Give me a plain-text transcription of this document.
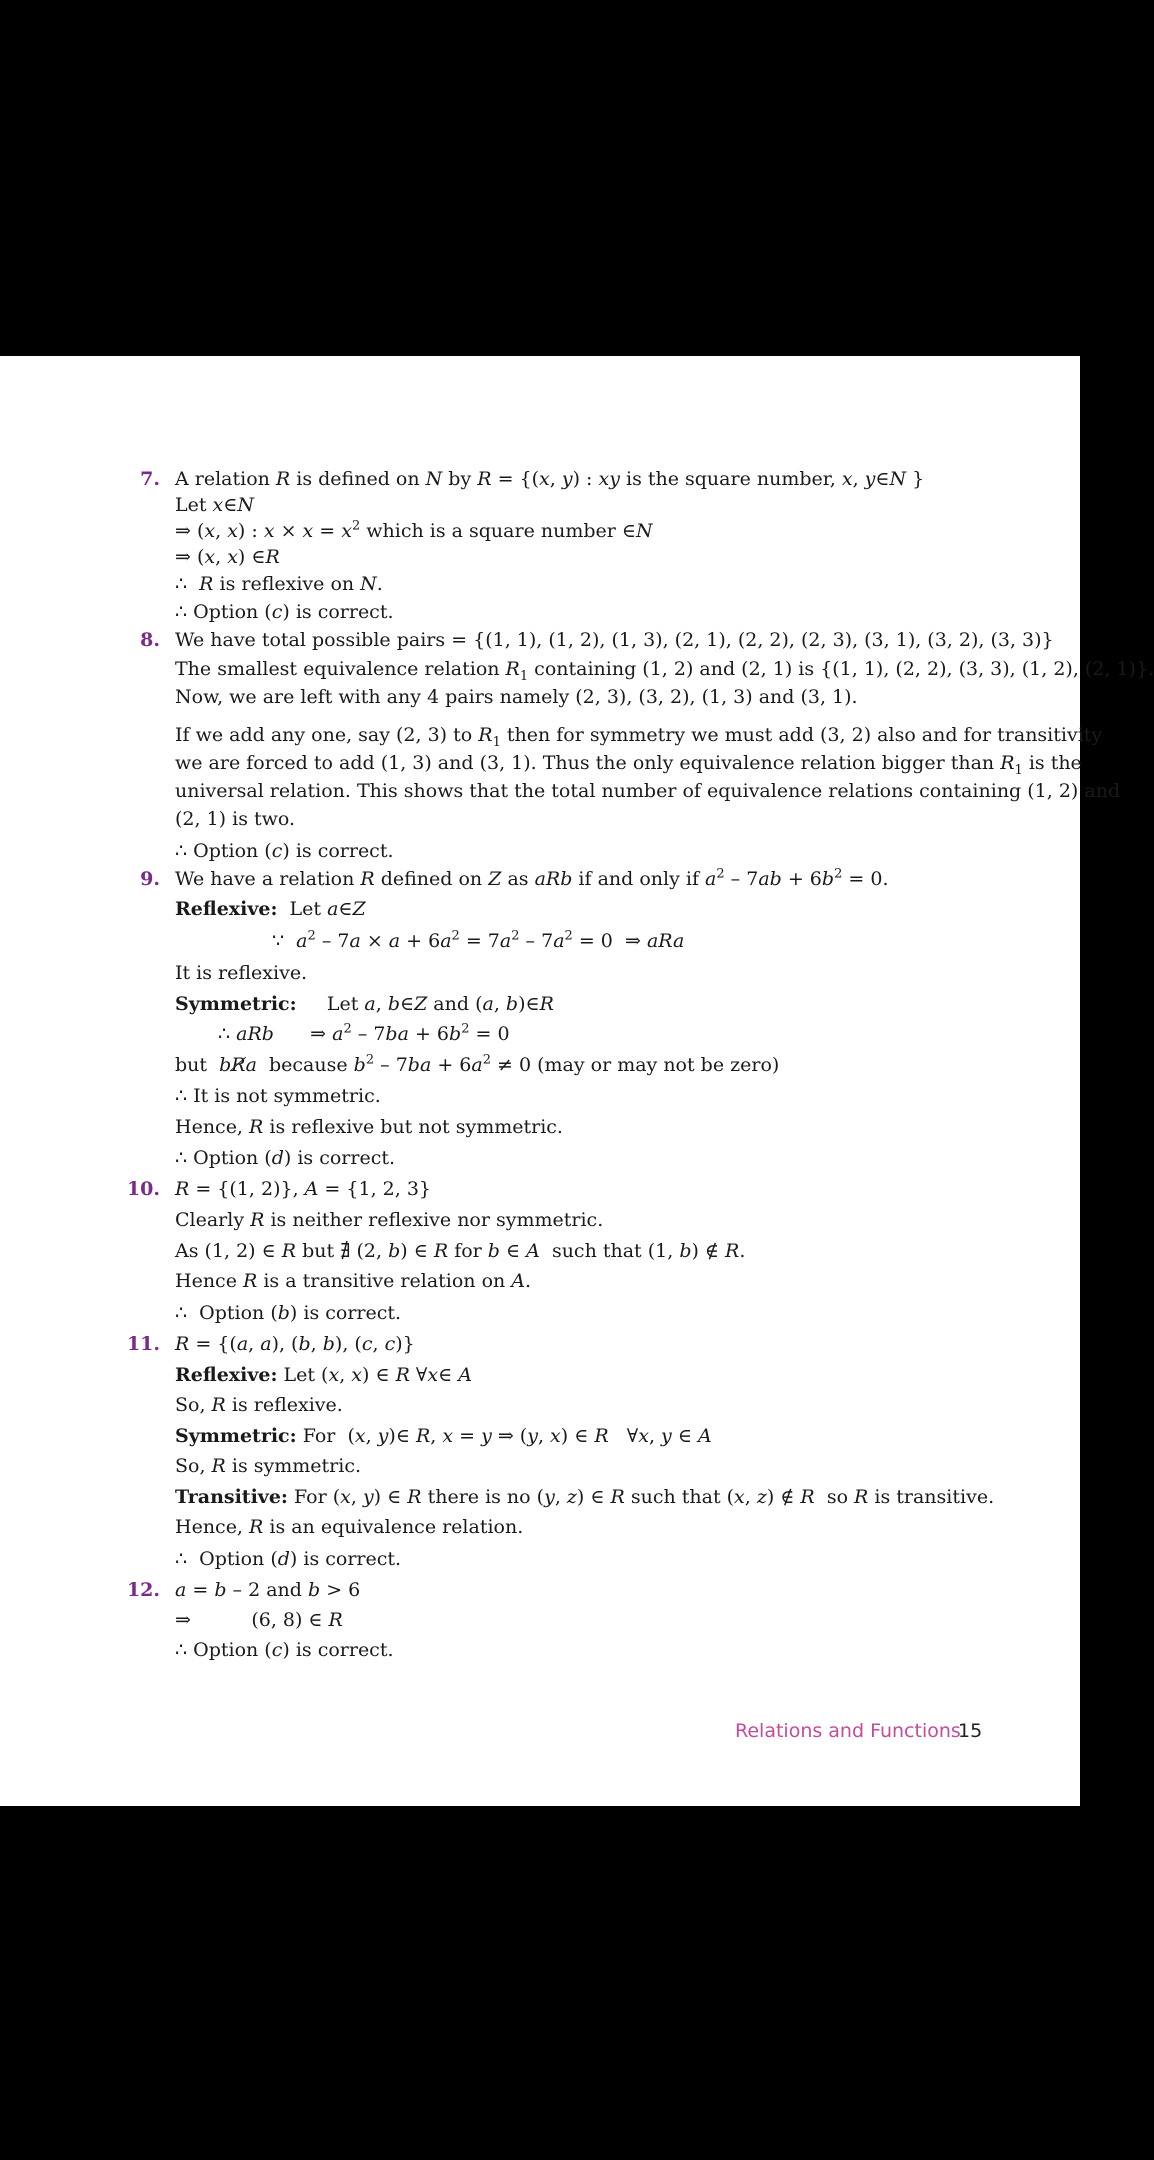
7. A relation R is defined on N by R = {(x, y) : xy is the square number, x, y∈N }
Let x∈N
⇒ (x, x) : $x \times x = x^2$ which is a square number ∈N
⇒ (x, x) ∈R
∴  R is reflexive on N.
∴ Option (c) is correct.
8. We have total possible pairs = {(1, 1), (1, 2), (1, 3), (2, 1), (2, 2), (2, 3), (3, 1), (3, 2), (3, 3)}
The smallest equivalence relation $R_1$ containing (1, 2) and (2, 1) is {(1, 1), (2, 2), (3, 3), (1, 2), (2, 1)}.
Now, we are left with any 4 pairs namely (2, 3), (3, 2), (1, 3) and (3, 1).
If we add any one, say (2, 3) to $R_1$ then for symmetry we must add (3, 2) also and for transitivity
we are forced to add (1, 3) and (3, 1). Thus the only equivalence relation bigger than $R_1$ is the
universal relation. This shows that the total number of equivalence relations containing (1, 2) and
(2, 1) is two.
∴ Option (c) is correct.
9. We have a relation R defined on Z as aRb if and only if $a^2 - 7ab + 6b^2 = 0$.
Reflexive:  Let a∈Z
∵  $a^2 - 7a \times a + 6a^2 = 7a^2 - 7a^2 = 0$  ⇒ aRa
It is reflexive.
Symmetric:     Let a, b∈Z and (a, b)∈R
∴ aRb      ⇒ $a^2 - 7ba + 6b^2 = 0$
but  bR̸a  because $b^2 - 7ba + 6a^2 \ne 0$ (may or may not be zero)
∴ It is not symmetric.
Hence, R is reflexive but not symmetric.
∴ Option (d) is correct.
10. R = {(1, 2)}, A = {1, 2, 3}
Clearly R is neither reflexive nor symmetric.
As (1, 2) ∈ R but ∄ (2, b) ∈ R for b ∈ A  such that (1, b) ∉ R.
Hence R is a transitive relation on A.
∴  Option (b) is correct.
11. R = {(a, a), (b, b), (c, c)}
Reflexive: Let (x, x) ∈ R ∀x∈ A
So, R is reflexive.
Symmetric: For  (x, y)∈ R, x = y ⇒ (y, x) ∈ R   ∀x, y ∈ A
So, R is symmetric.
Transitive: For (x, y) ∈ R there is no (y, z) ∈ R such that (x, z) ∉ R  so R is transitive.
Hence, R is an equivalence relation.
∴  Option (d) is correct.
12. a = b – 2 and b > 6
⇒          (6, 8) ∈ R
∴ Option (c) is correct.
Relations and Functions
15
